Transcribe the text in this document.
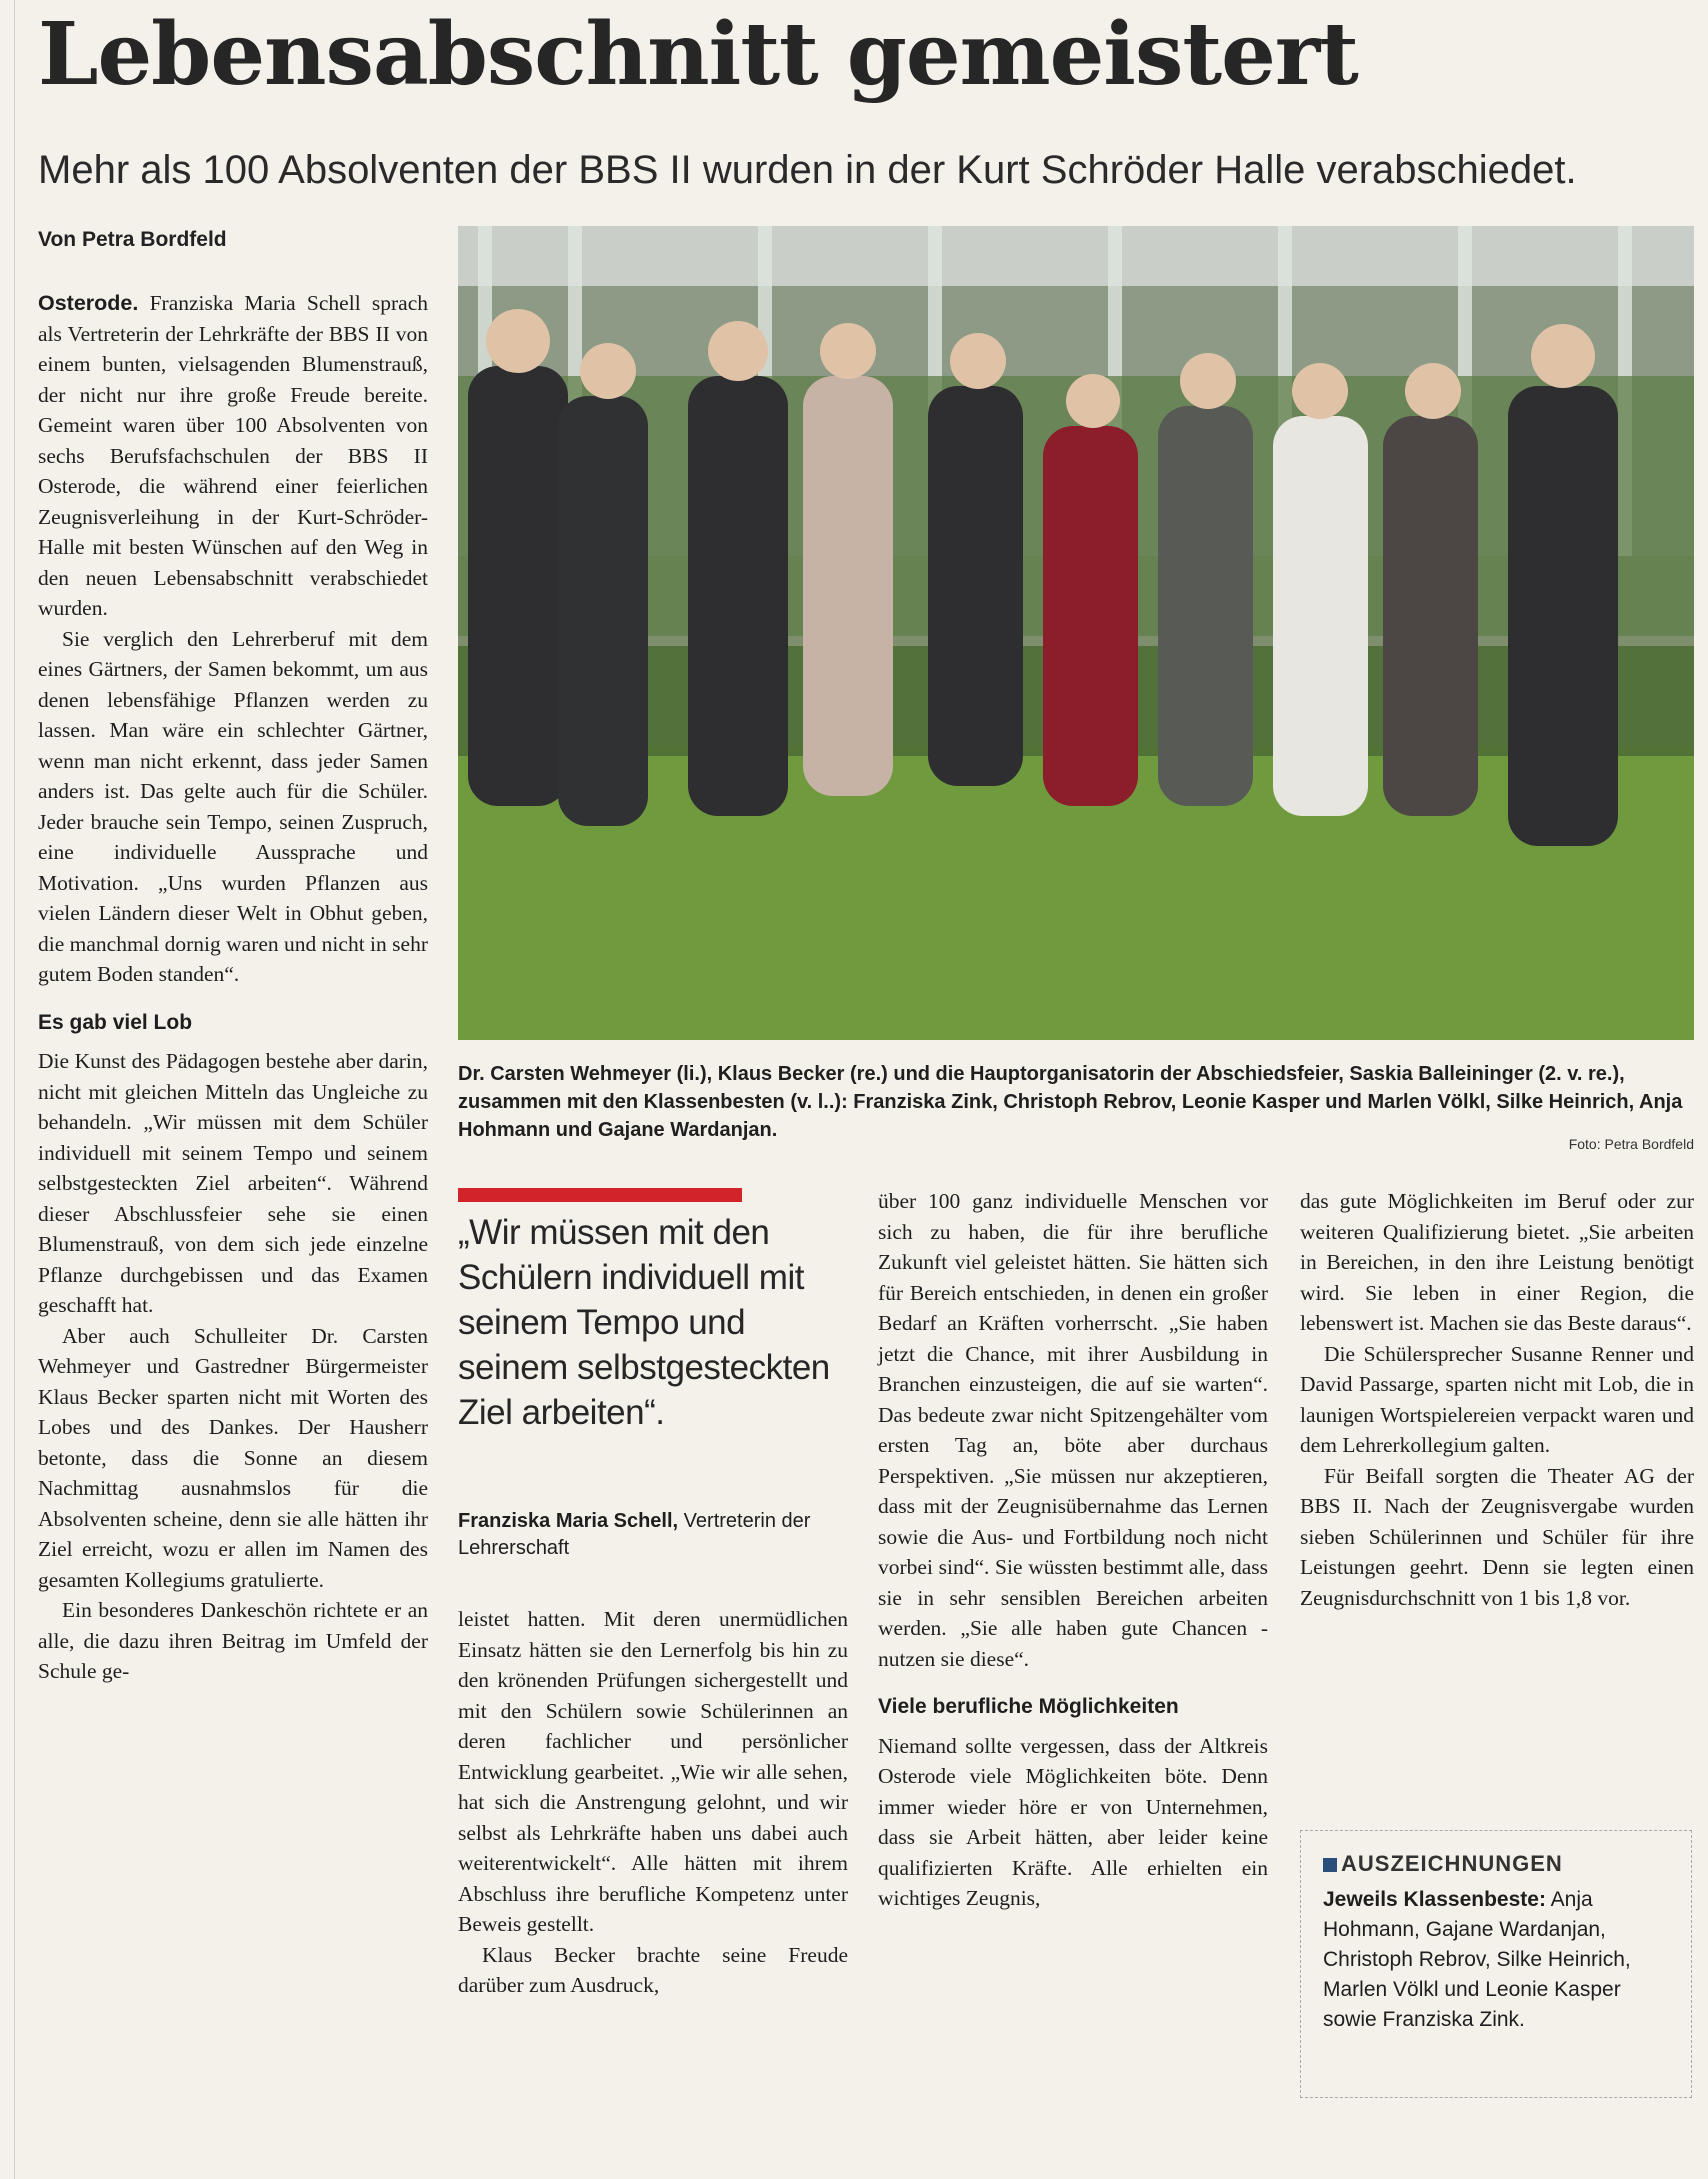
Lebensabschnitt gemeistert
Mehr als 100 Absolventen der BBS II wurden in der Kurt Schröder Halle verabschiedet.
Von Petra Bordfeld

Osterode. Franziska Maria Schell sprach als Vertreterin der Lehrkräfte der BBS II von einem bunten, vielsagenden Blumenstrauß, der nicht nur ihre große Freude bereite. Gemeint waren über 100 Absolventen von sechs Berufsfachschulen der BBS II Osterode, die während einer feierlichen Zeugnisverleihung in der Kurt-Schröder-Halle mit besten Wünschen auf den Weg in den neuen Lebensabschnitt verabschiedet wurden.

Sie verglich den Lehrerberuf mit dem eines Gärtners, der Samen bekommt, um aus denen lebensfähige Pflanzen werden zu lassen. Man wäre ein schlechter Gärtner, wenn man nicht erkennt, dass jeder Samen anders ist. Das gelte auch für die Schüler. Jeder brauche sein Tempo, seinen Zuspruch, eine individuelle Aussprache und Motivation. „Uns wurden Pflanzen aus vielen Ländern dieser Welt in Obhut geben, die manchmal dornig waren und nicht in sehr gutem Boden standen“.

Es gab viel Lob

Die Kunst des Pädagogen bestehe aber darin, nicht mit gleichen Mitteln das Ungleiche zu behandeln. „Wir müssen mit dem Schüler individuell mit seinem Tempo und seinem selbstgesteckten Ziel arbeiten“. Während dieser Abschlussfeier sehe sie einen Blumenstrauß, von dem sich jede einzelne Pflanze durchgebissen und das Examen geschafft hat.

Aber auch Schulleiter Dr. Carsten Wehmeyer und Gastredner Bürgermeister Klaus Becker sparten nicht mit Worten des Lobes und des Dankes. Der Hausherr betonte, dass die Sonne an diesem Nachmittag ausnahmslos für die Absolventen scheine, denn sie alle hätten ihr Ziel erreicht, wozu er allen im Namen des gesamten Kollegiums gratulierte.

Ein besonderes Dankeschön richtete er an alle, die dazu ihren Beitrag im Umfeld der Schule ge-

Dr. Carsten Wehmeyer (li.), Klaus Becker (re.) und die Hauptorganisatorin der Abschiedsfeier, Saskia Balleininger (2. v. re.), zusammen mit den Klassenbesten (v. l..): Franziska Zink, Christoph Rebrov, Leonie Kasper und Marlen Völkl, Silke Heinrich, Anja Hohmann und Gajane Wardanjan.
Foto: Petra Bordfeld
„Wir müssen mit den Schülern individuell mit seinem Tempo und seinem selbstgesteckten Ziel arbeiten“.
Franziska Maria Schell, Vertreterin der Lehrerschaft

leistet hatten. Mit deren unermüdlichen Einsatz hätten sie den Lernerfolg bis hin zu den krönenden Prüfungen sichergestellt und mit den Schülern sowie Schülerinnen an deren fachlicher und persönlicher Entwicklung gearbeitet. „Wie wir alle sehen, hat sich die Anstrengung gelohnt, und wir selbst als Lehrkräfte haben uns dabei auch weiterentwickelt“. Alle hätten mit ihrem Abschluss ihre berufliche Kompetenz unter Beweis gestellt.

Klaus Becker brachte seine Freude darüber zum Ausdruck,

über 100 ganz individuelle Menschen vor sich zu haben, die für ihre berufliche Zukunft viel geleistet hätten. Sie hätten sich für Bereich entschieden, in denen ein großer Bedarf an Kräften vorherrscht. „Sie haben jetzt die Chance, mit ihrer Ausbildung in Branchen einzusteigen, die auf sie warten“. Das bedeute zwar nicht Spitzengehälter vom ersten Tag an, böte aber durchaus Perspektiven. „Sie müssen nur akzeptieren, dass mit der Zeugnisübernahme das Lernen sowie die Aus- und Fortbildung noch nicht vorbei sind“. Sie wüssten bestimmt alle, dass sie in sehr sensiblen Bereichen arbeiten werden. „Sie alle haben gute Chancen - nutzen sie diese“.

Viele berufliche Möglichkeiten

Niemand sollte vergessen, dass der Altkreis Osterode viele Möglichkeiten böte. Denn immer wieder höre er von Unternehmen, dass sie Arbeit hätten, aber leider keine qualifizierten Kräfte. Alle erhielten ein wichtiges Zeugnis,

das gute Möglichkeiten im Beruf oder zur weiteren Qualifizierung bietet. „Sie arbeiten in Bereichen, in den ihre Leistung benötigt wird. Sie leben in einer Region, die lebenswert ist. Machen sie das Beste daraus“.

Die Schülersprecher Susanne Renner und David Passarge, sparten nicht mit Lob, die in launigen Wortspielereien verpackt waren und dem Lehrerkollegium galten.

Für Beifall sorgten die Theater AG der BBS II. Nach der Zeugnisvergabe wurden sieben Schülerinnen und Schüler für ihre Leistungen geehrt. Denn sie legten einen Zeugnisdurchschnitt von 1 bis 1,8 vor.

AUSZEICHNUNGEN
Jeweils Klassenbeste: Anja Hohmann, Gajane Wardanjan, Christoph Rebrov, Silke Heinrich, Marlen Völkl und Leonie Kasper sowie Franziska Zink.
